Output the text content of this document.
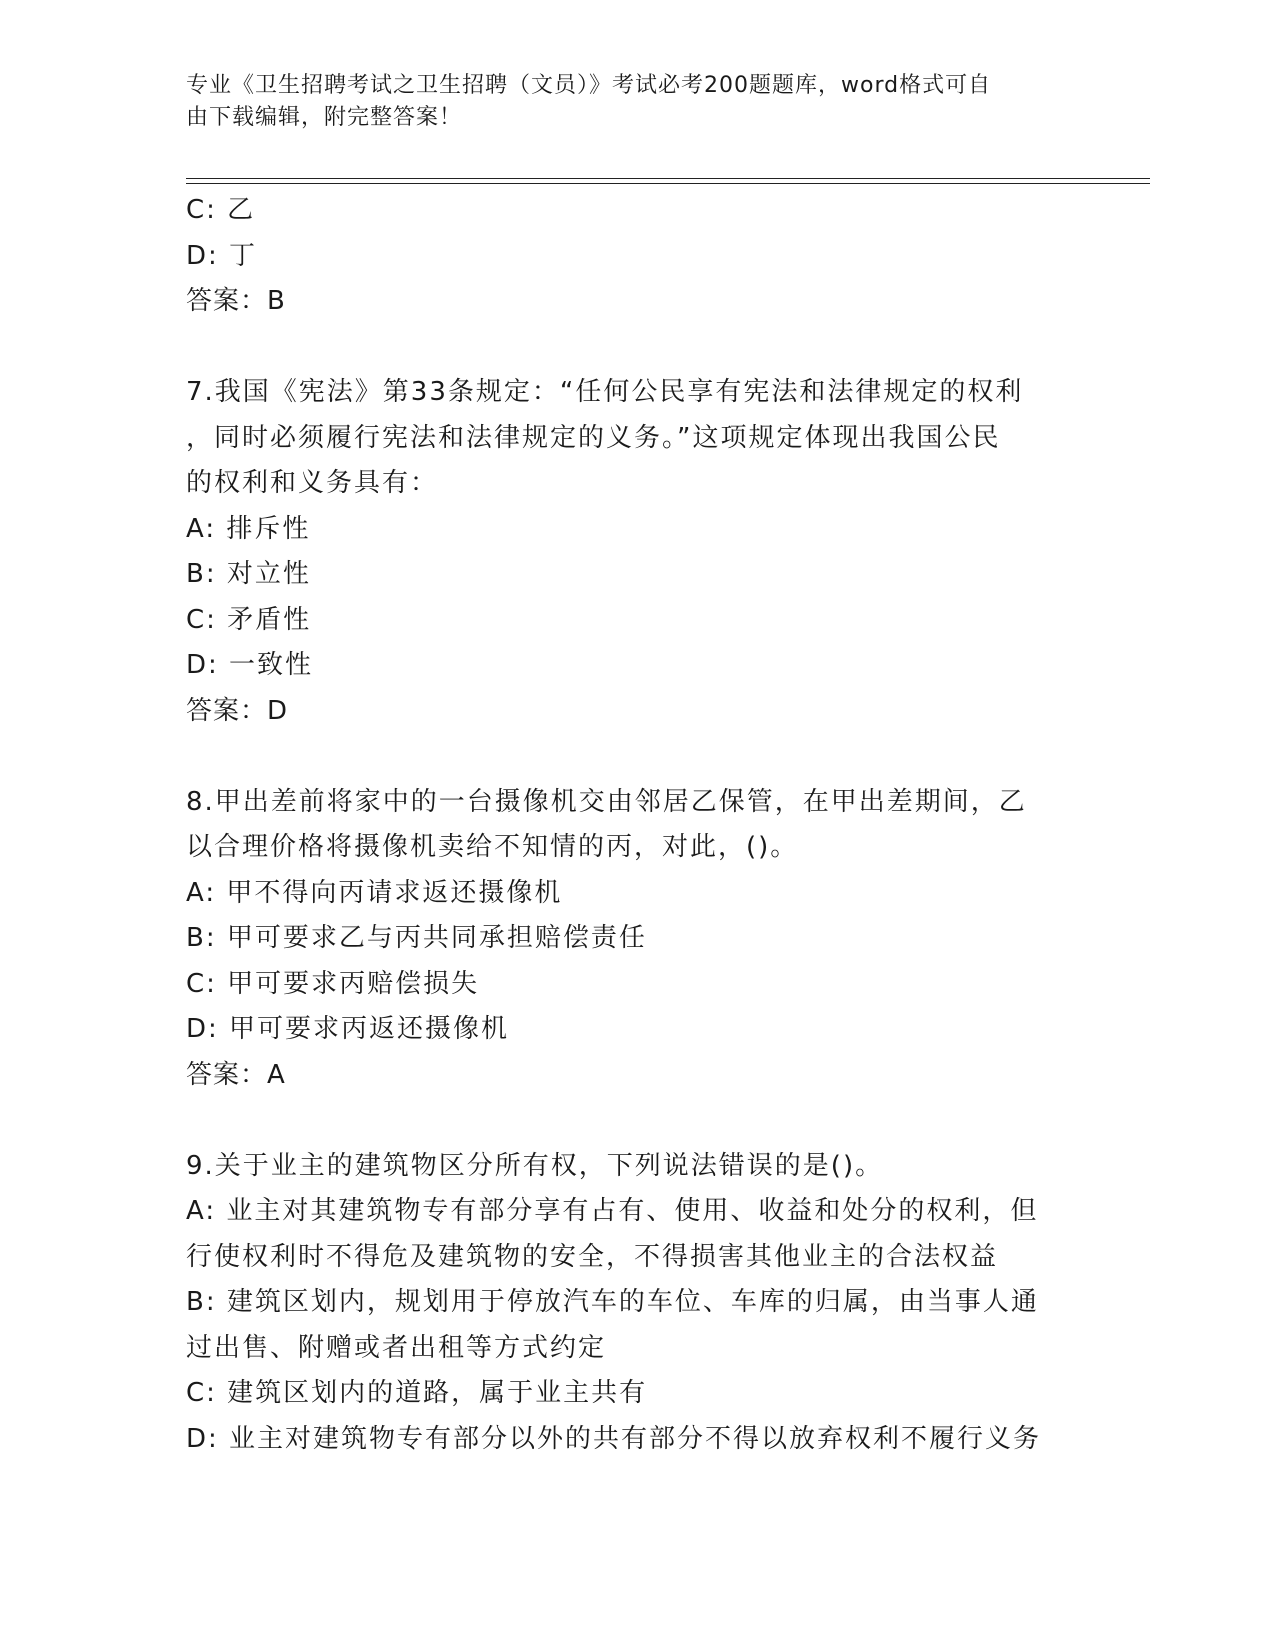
专业《卫生招聘考试之卫生招聘（文员）》考试必考200题题库，word格式可自
由下载编辑，附完整答案！
C: 乙
D: 丁
答案：B
7.我国《宪法》第33条规定：“任何公民享有宪法和法律规定的权利
，同时必须履行宪法和法律规定的义务。”这项规定体现出我国公民
的权利和义务具有：
A: 排斥性
B: 对立性
C: 矛盾性
D: 一致性
答案：D
8.甲出差前将家中的一台摄像机交由邻居乙保管，在甲出差期间，乙
以合理价格将摄像机卖给不知情的丙，对此，()。
A: 甲不得向丙请求返还摄像机
B: 甲可要求乙与丙共同承担赔偿责任
C: 甲可要求丙赔偿损失
D: 甲可要求丙返还摄像机
答案：A
9.关于业主的建筑物区分所有权，下列说法错误的是()。
A: 业主对其建筑物专有部分享有占有、使用、收益和处分的权利，但
行使权利时不得危及建筑物的安全，不得损害其他业主的合法权益
B: 建筑区划内，规划用于停放汽车的车位、车库的归属，由当事人通
过出售、附赠或者出租等方式约定
C: 建筑区划内的道路，属于业主共有
D: 业主对建筑物专有部分以外的共有部分不得以放弃权利不履行义务
